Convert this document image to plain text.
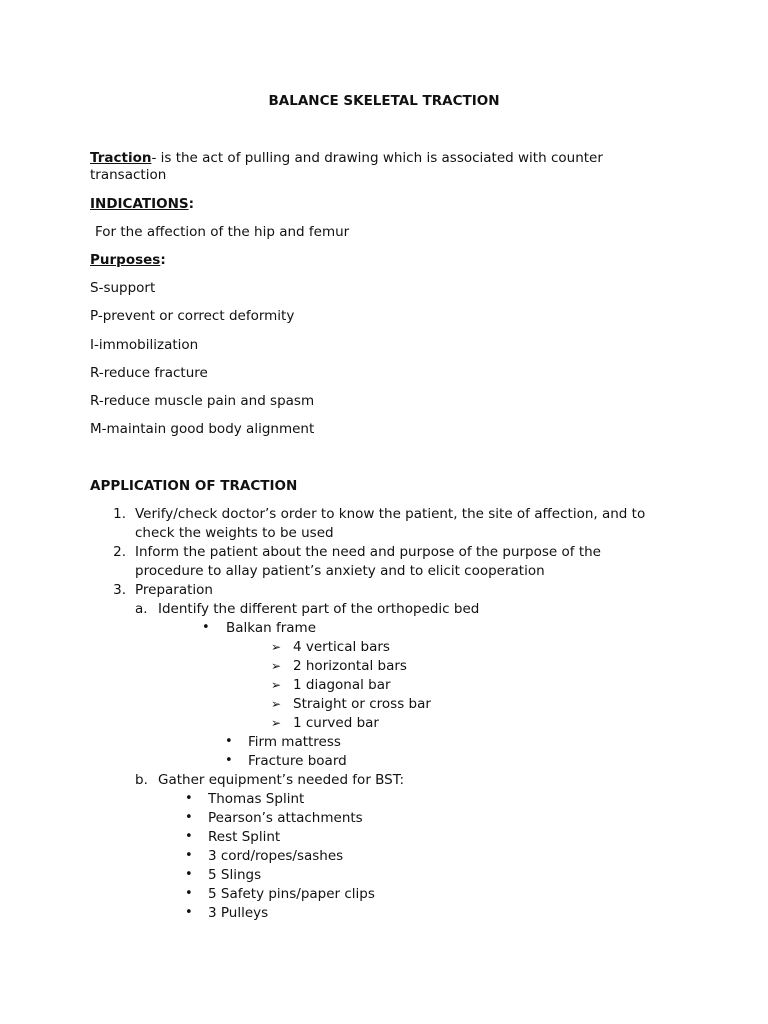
BALANCE SKELETAL TRACTION
Traction- is the act of pulling and drawing which is associated with counter
transaction
INDICATIONS:
For the affection of the hip and femur
Purposes:
S-support
P-prevent or correct deformity
I-immobilization
R-reduce fracture
R-reduce muscle pain and spasm
M-maintain good body alignment
APPLICATION OF TRACTION
1. Verify/check doctor’s order to know the patient, the site of affection, and to
check the weights to be used
2. Inform the patient about the need and purpose of the purpose of the
procedure to allay patient’s anxiety and to elicit cooperation
3. Preparation
a. Identify the different part of the orthopedic bed
• Balkan frame
➢ 4 vertical bars
➢ 2 horizontal bars
➢ 1 diagonal bar
➢ Straight or cross bar
➢ 1 curved bar
• Firm mattress
• Fracture board
b. Gather equipment’s needed for BST:
• Thomas Splint
• Pearson’s attachments
• Rest Splint
• 3 cord/ropes/sashes
• 5 Slings
• 5 Safety pins/paper clips
• 3 Pulleys
